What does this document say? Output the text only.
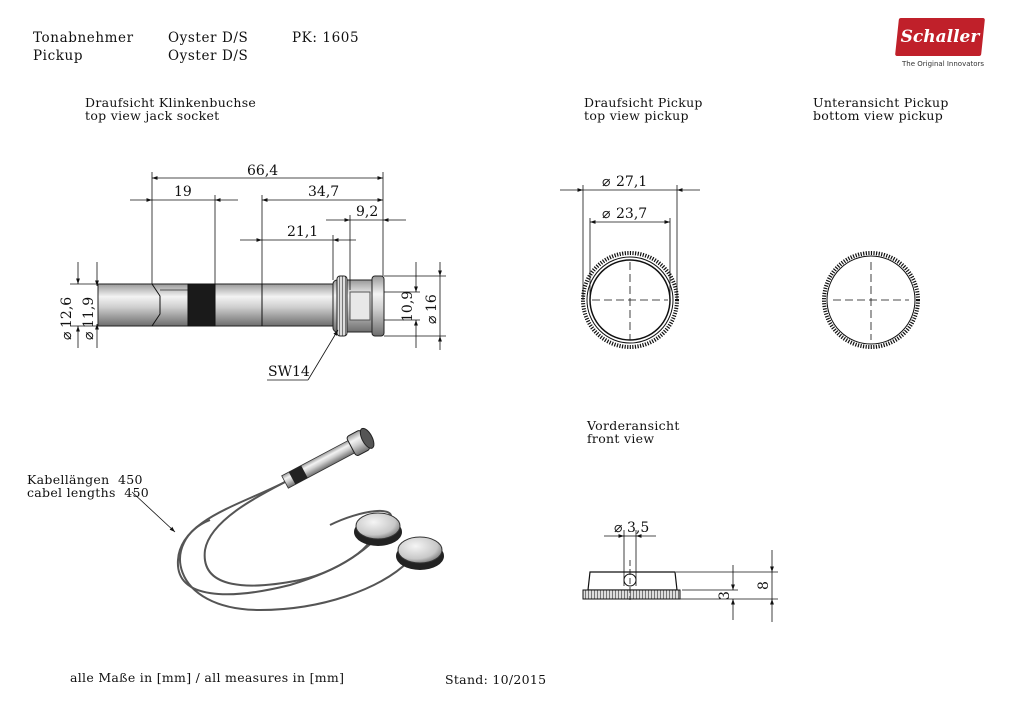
Tonabnehmer
Pickup
Oyster D/S
Oyster D/S
PK: 1605	Schaller
The Original Innovators
Draufsicht Klinkenbuchse
top view jack socket
Draufsicht Pickup
top view pickup
Unteransicht Pickup
bottom view pickup
Vorderansicht
front view
Kabellängen 450
cabel lengths 450
alle Maße in [mm] / all measures in [mm]	Stand: 10/2015
66,4
19	34,7
9,2
21,1
⌀
12,6
⌀
11,9	10,9 ⌀
16
SW14
⌀ 27,1
⌀ 23,7
⌀ 3,5
8
3
